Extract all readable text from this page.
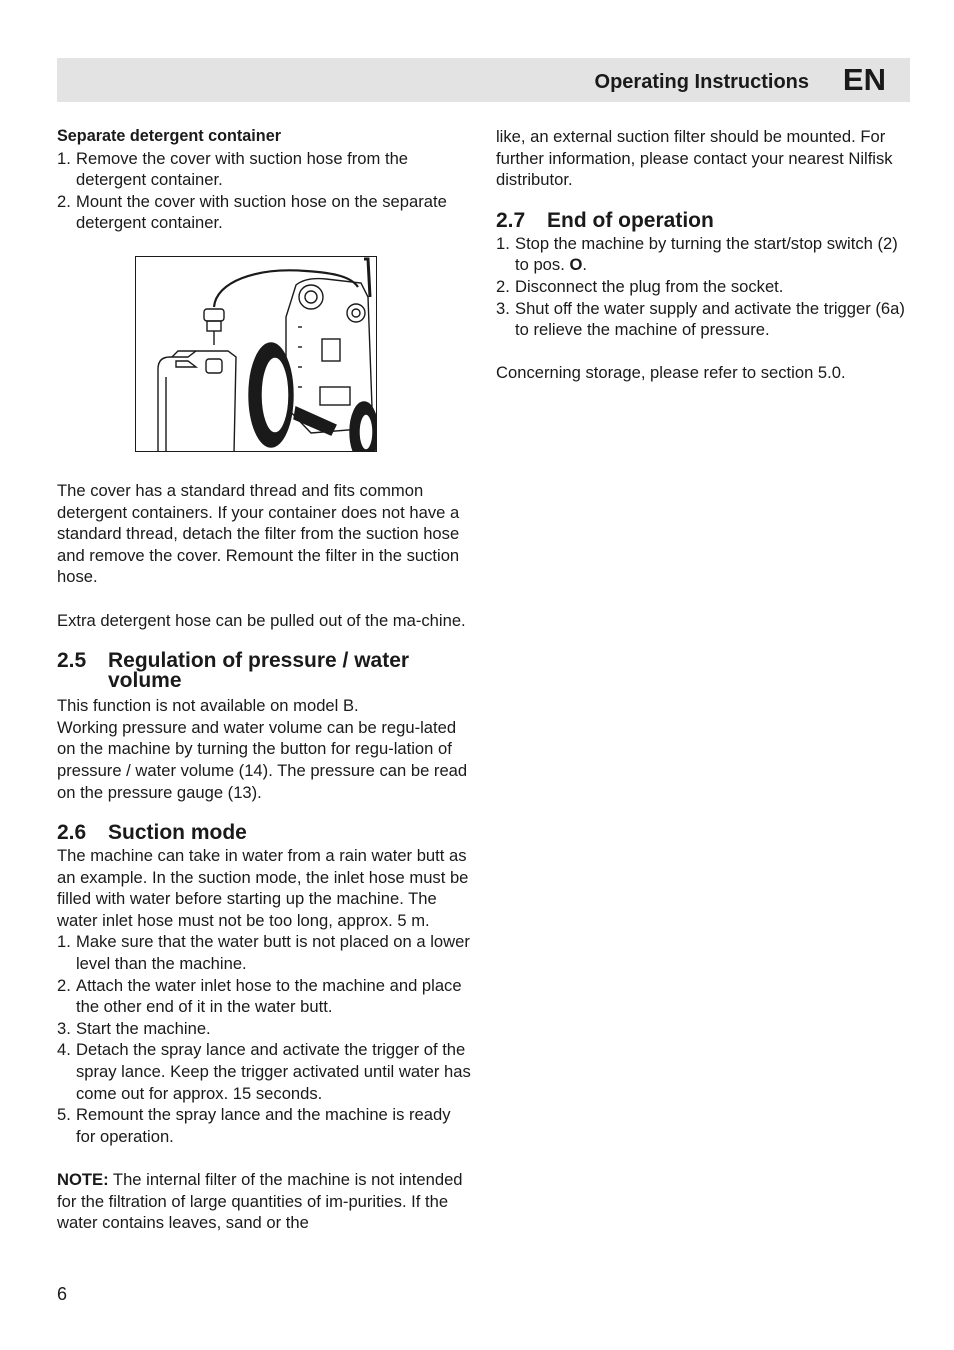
Operating Instructions EN

Separate detergent container

1. Remove the cover with suction hose from the detergent container.
2. Mount the cover with suction hose on the separate detergent container.

The cover has a standard thread and fits common detergent containers. If your container does not have a standard thread, detach the filter from the suction hose and remove the cover. Remount the filter in the suction hose.

Extra detergent hose can be pulled out of the ma-chine.

2.5	Regulation of pressure / water volume

This function is not available on model B.

Working pressure and water volume can be regu-lated on the machine by turning the button for regu-lation of pressure / water volume (14). The pressure can be read on the pressure gauge (13).

2.6	Suction mode

The machine can take in water from a rain water butt as an example. In the suction mode, the inlet hose must be filled with water before starting up the machine. The water inlet hose must not be too long, approx. 5 m.

1. Make sure that the water butt is not placed on a lower level than the machine.
2. Attach the water inlet hose to the machine and place the other end of it in the water butt.
3. Start the machine.
4. Detach the spray lance and activate the trigger of the spray lance. Keep the trigger activated until water has come out for approx. 15 seconds.
5. Remount the spray lance and the machine is ready for operation.

NOTE: The internal filter of the machine is not intended for the filtration of large quantities of im-purities. If the water contains leaves, sand or the

like, an external suction filter should be mounted. For further information, please contact your nearest Nilfisk distributor.

2.7	End of operation
1. Stop the machine by turning the start/stop switch (2) to pos. O.
2. Disconnect the plug from the socket.
3. Shut off the water supply and activate the trigger (6a) to relieve the machine of pressure.

Concerning storage, please refer to section 5.0.

6
